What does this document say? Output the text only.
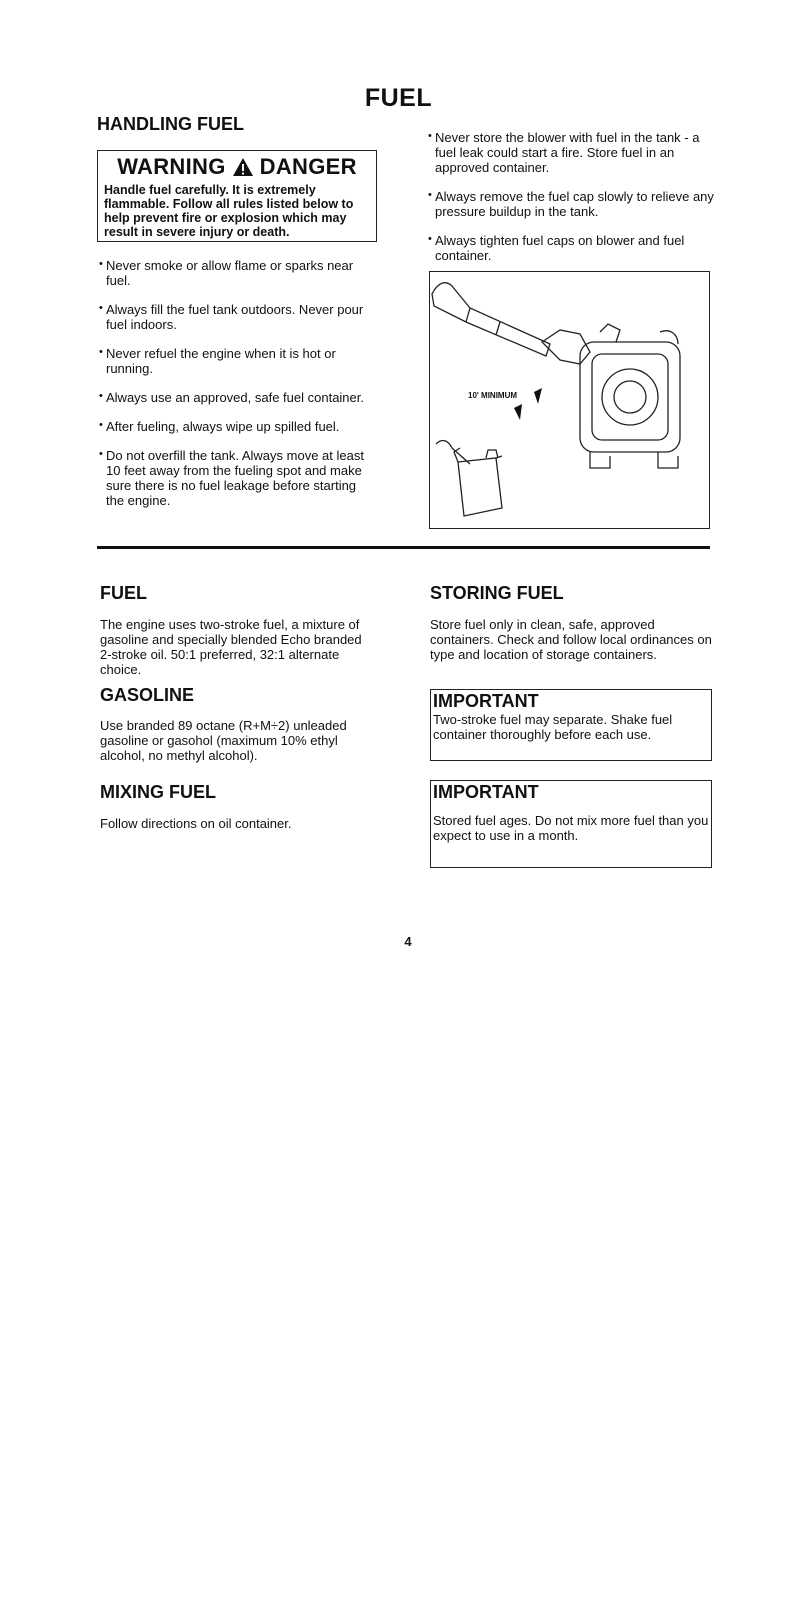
FUEL
HANDLING FUEL
WARNING DANGER
Handle fuel carefully. It is extremely flammable. Follow all rules listed below to help prevent fire or explosion which may result in severe injury or death.
• Never smoke or allow flame or sparks near fuel.
• Always fill the fuel tank outdoors. Never pour fuel indoors.
• Never refuel the engine when it is hot or running.
• Always use an approved, safe fuel container.
• After fueling, always wipe up spilled fuel.
• Do not overfill the tank. Always move at least 10 feet away from the fueling spot and make sure there is no fuel leakage before starting the engine.
• Never store the blower with fuel in the tank - a fuel leak could start a fire. Store fuel in an approved container.
• Always remove the fuel cap slowly to relieve any pressure buildup in the tank.
• Always tighten fuel caps on blower and fuel container.
10' MINIMUM
FUEL

The engine uses two-stroke fuel, a mixture of gasoline and specially blended Echo branded 2-stroke oil. 50:1 preferred, 32:1 alternate choice.

GASOLINE

Use branded 89 octane (R+M÷2) unleaded gasoline or gasohol (maximum 10% ethyl alcohol, no methyl alcohol).

MIXING FUEL

Follow directions on oil container.

STORING FUEL

Store fuel only in clean, safe, approved containers. Check and follow local ordinances on type and location of storage containers.

IMPORTANT
Two-stroke fuel may separate. Shake fuel container thoroughly before each use.
IMPORTANT
Stored fuel ages. Do not mix more fuel than you expect to use in a month.
4
